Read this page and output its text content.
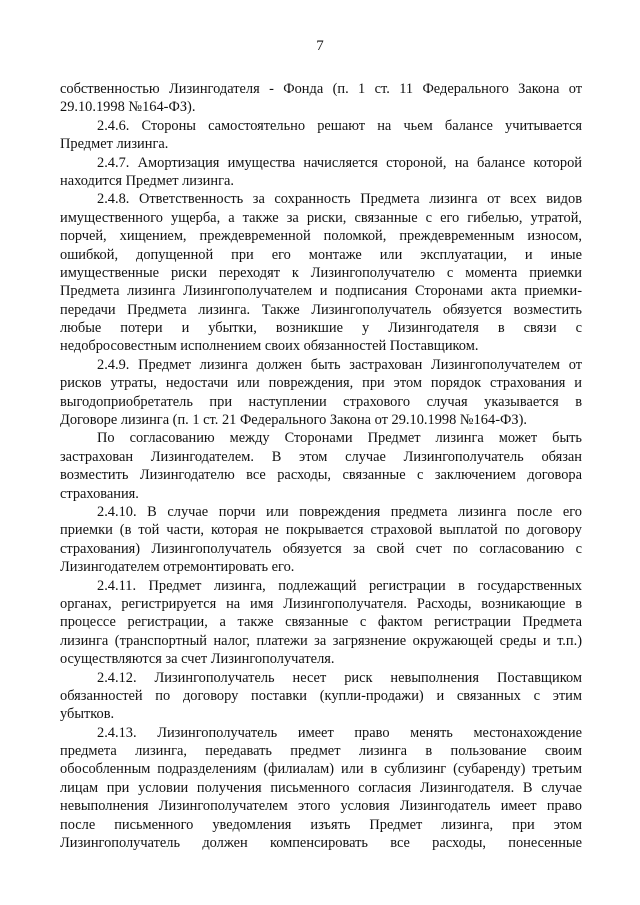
7
собственностью Лизингодателя - Фонда (п. 1 ст. 11 Федерального Закона от
29.10.1998 №164-ФЗ).
2.4.6. Стороны самостоятельно решают на чьем балансе учитывается
Предмет лизинга.
2.4.7. Амортизация имущества начисляется стороной, на балансе которой
находится Предмет лизинга.
2.4.8. Ответственность за сохранность Предмета лизинга от всех видов
имущественного ущерба, а также за риски, связанные с его гибелью, утратой,
порчей, хищением, преждевременной поломкой, преждевременным износом,
ошибкой, допущенной при его монтаже или эксплуатации, и иные
имущественные риски переходят к Лизингополучателю с момента приемки
Предмета лизинга Лизингополучателем и подписания Сторонами акта приемки-
передачи Предмета лизинга. Также Лизингополучатель обязуется возместить
любые потери и убытки, возникшие у Лизингодателя в связи с
недобросовестным исполнением своих обязанностей Поставщиком.
2.4.9. Предмет лизинга должен быть застрахован Лизингополучателем от
рисков утраты, недостачи или повреждения, при этом порядок страхования и
выгодоприобретатель при наступлении страхового случая указывается в
Договоре лизинга (п. 1 ст. 21 Федерального Закона от 29.10.1998 №164-ФЗ).
По согласованию между Сторонами Предмет лизинга может быть
застрахован Лизингодателем. В этом случае Лизингополучатель обязан
возместить Лизингодателю все расходы, связанные с заключением договора
страхования.
2.4.10. В случае порчи или повреждения предмета лизинга после его
приемки (в той части, которая не покрывается страховой выплатой по договору
страхования) Лизингополучатель обязуется за свой счет по согласованию с
Лизингодателем отремонтировать его.
2.4.11. Предмет лизинга, подлежащий регистрации в государственных
органах, регистрируется на имя Лизингополучателя. Расходы, возникающие в
процессе регистрации, а также связанные с фактом регистрации Предмета
лизинга (транспортный налог, платежи за загрязнение окружающей среды и т.п.)
осуществляются за счет Лизингополучателя.
2.4.12. Лизингополучатель несет риск невыполнения Поставщиком
обязанностей по договору поставки (купли-продажи) и связанных с этим
убытков.
2.4.13. Лизингополучатель имеет право менять местонахождение
предмета лизинга, передавать предмет лизинга в пользование своим
обособленным подразделениям (филиалам) или в сублизинг (субаренду) третьим
лицам при условии получения письменного согласия Лизингодателя. В случае
невыполнения Лизингополучателем этого условия Лизингодатель имеет право
после письменного уведомления изъять Предмет лизинга, при этом
Лизингополучатель должен компенсировать все расходы, понесенные
